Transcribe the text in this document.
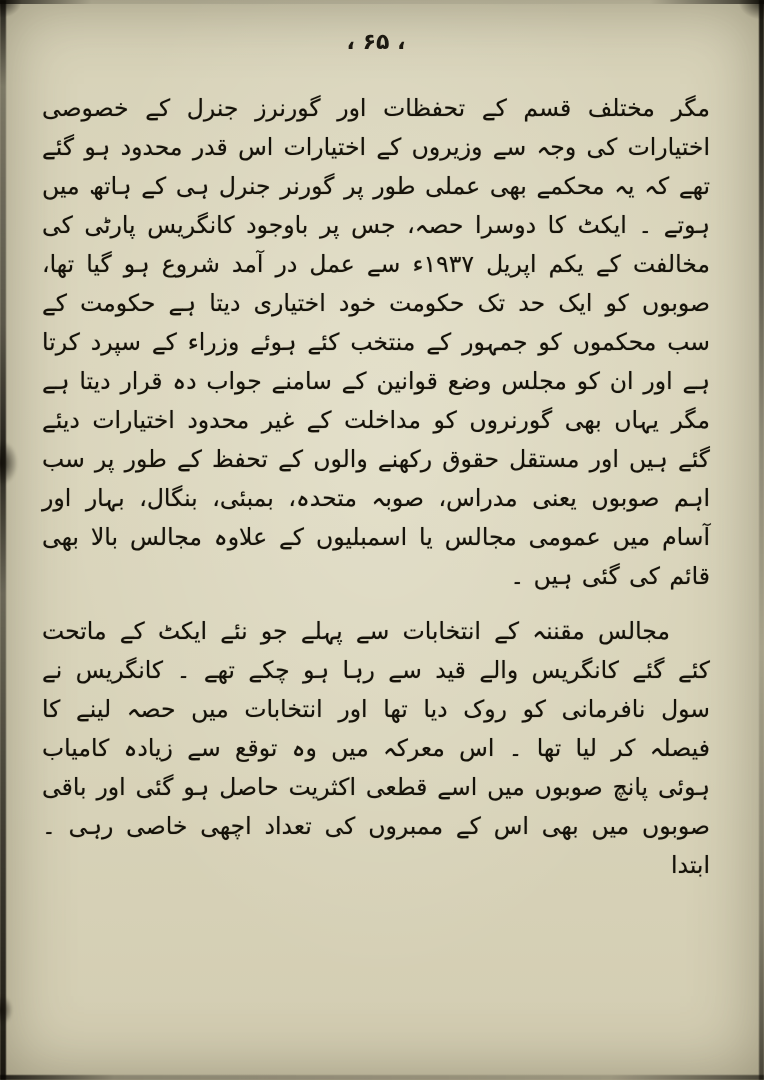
، ۶۵ ،

مگر مختلف قسم کے تحفظات اور گورنرز جنرل کے خصوصی اختیارات کی وجہ سے وزیروں کے اختیارات اس قدر محدود ہو گئے تھے کہ یہ محکمے بھی عملی طور پر گورنر جنرل ہی کے ہاتھ میں ہوتے ۔ ایکٹ کا دوسرا حصہ، جس پر باوجود کانگریس پارٹی کی مخالفت کے یکم اپریل ۱۹۳۷ء سے عمل در آمد شروع ہو گیا تھا، صوبوں کو ایک حد تک حکومت خود اختیاری دیتا ہے حکومت کے سب محکموں کو جمہور کے منتخب کئے ہوئے وزراء کے سپرد کرتا ہے اور ان کو مجلس وضع قوانین کے سامنے جواب دہ قرار دیتا ہے مگر یہاں بھی گورنروں کو مداخلت کے غیر محدود اختیارات دیئے گئے ہیں اور مستقل حقوق رکھنے والوں کے تحفظ کے طور پر سب اہم صوبوں یعنی مدراس، صوبہ متحدہ، بمبئی، بنگال، بہار اور آسام میں عمومی مجالس یا اسمبلیوں کے علاوہ مجالس بالا بھی قائم کی گئی ہیں ۔

مجالس مقننہ کے انتخابات سے پہلے جو نئے ایکٹ کے ماتحت کئے گئے کانگریس والے قید سے رہا ہو چکے تھے ۔ کانگریس نے سول نافرمانی کو روک دیا تھا اور انتخابات میں حصہ لینے کا فیصلہ کر لیا تھا ۔ اس معرکہ میں وہ توقع سے زیادہ کامیاب ہوئی پانچ صوبوں میں اسے قطعی اکثریت حاصل ہو گئی اور باقی صوبوں میں بھی اس کے ممبروں کی تعداد اچھی خاصی رہی ۔ ابتدا
